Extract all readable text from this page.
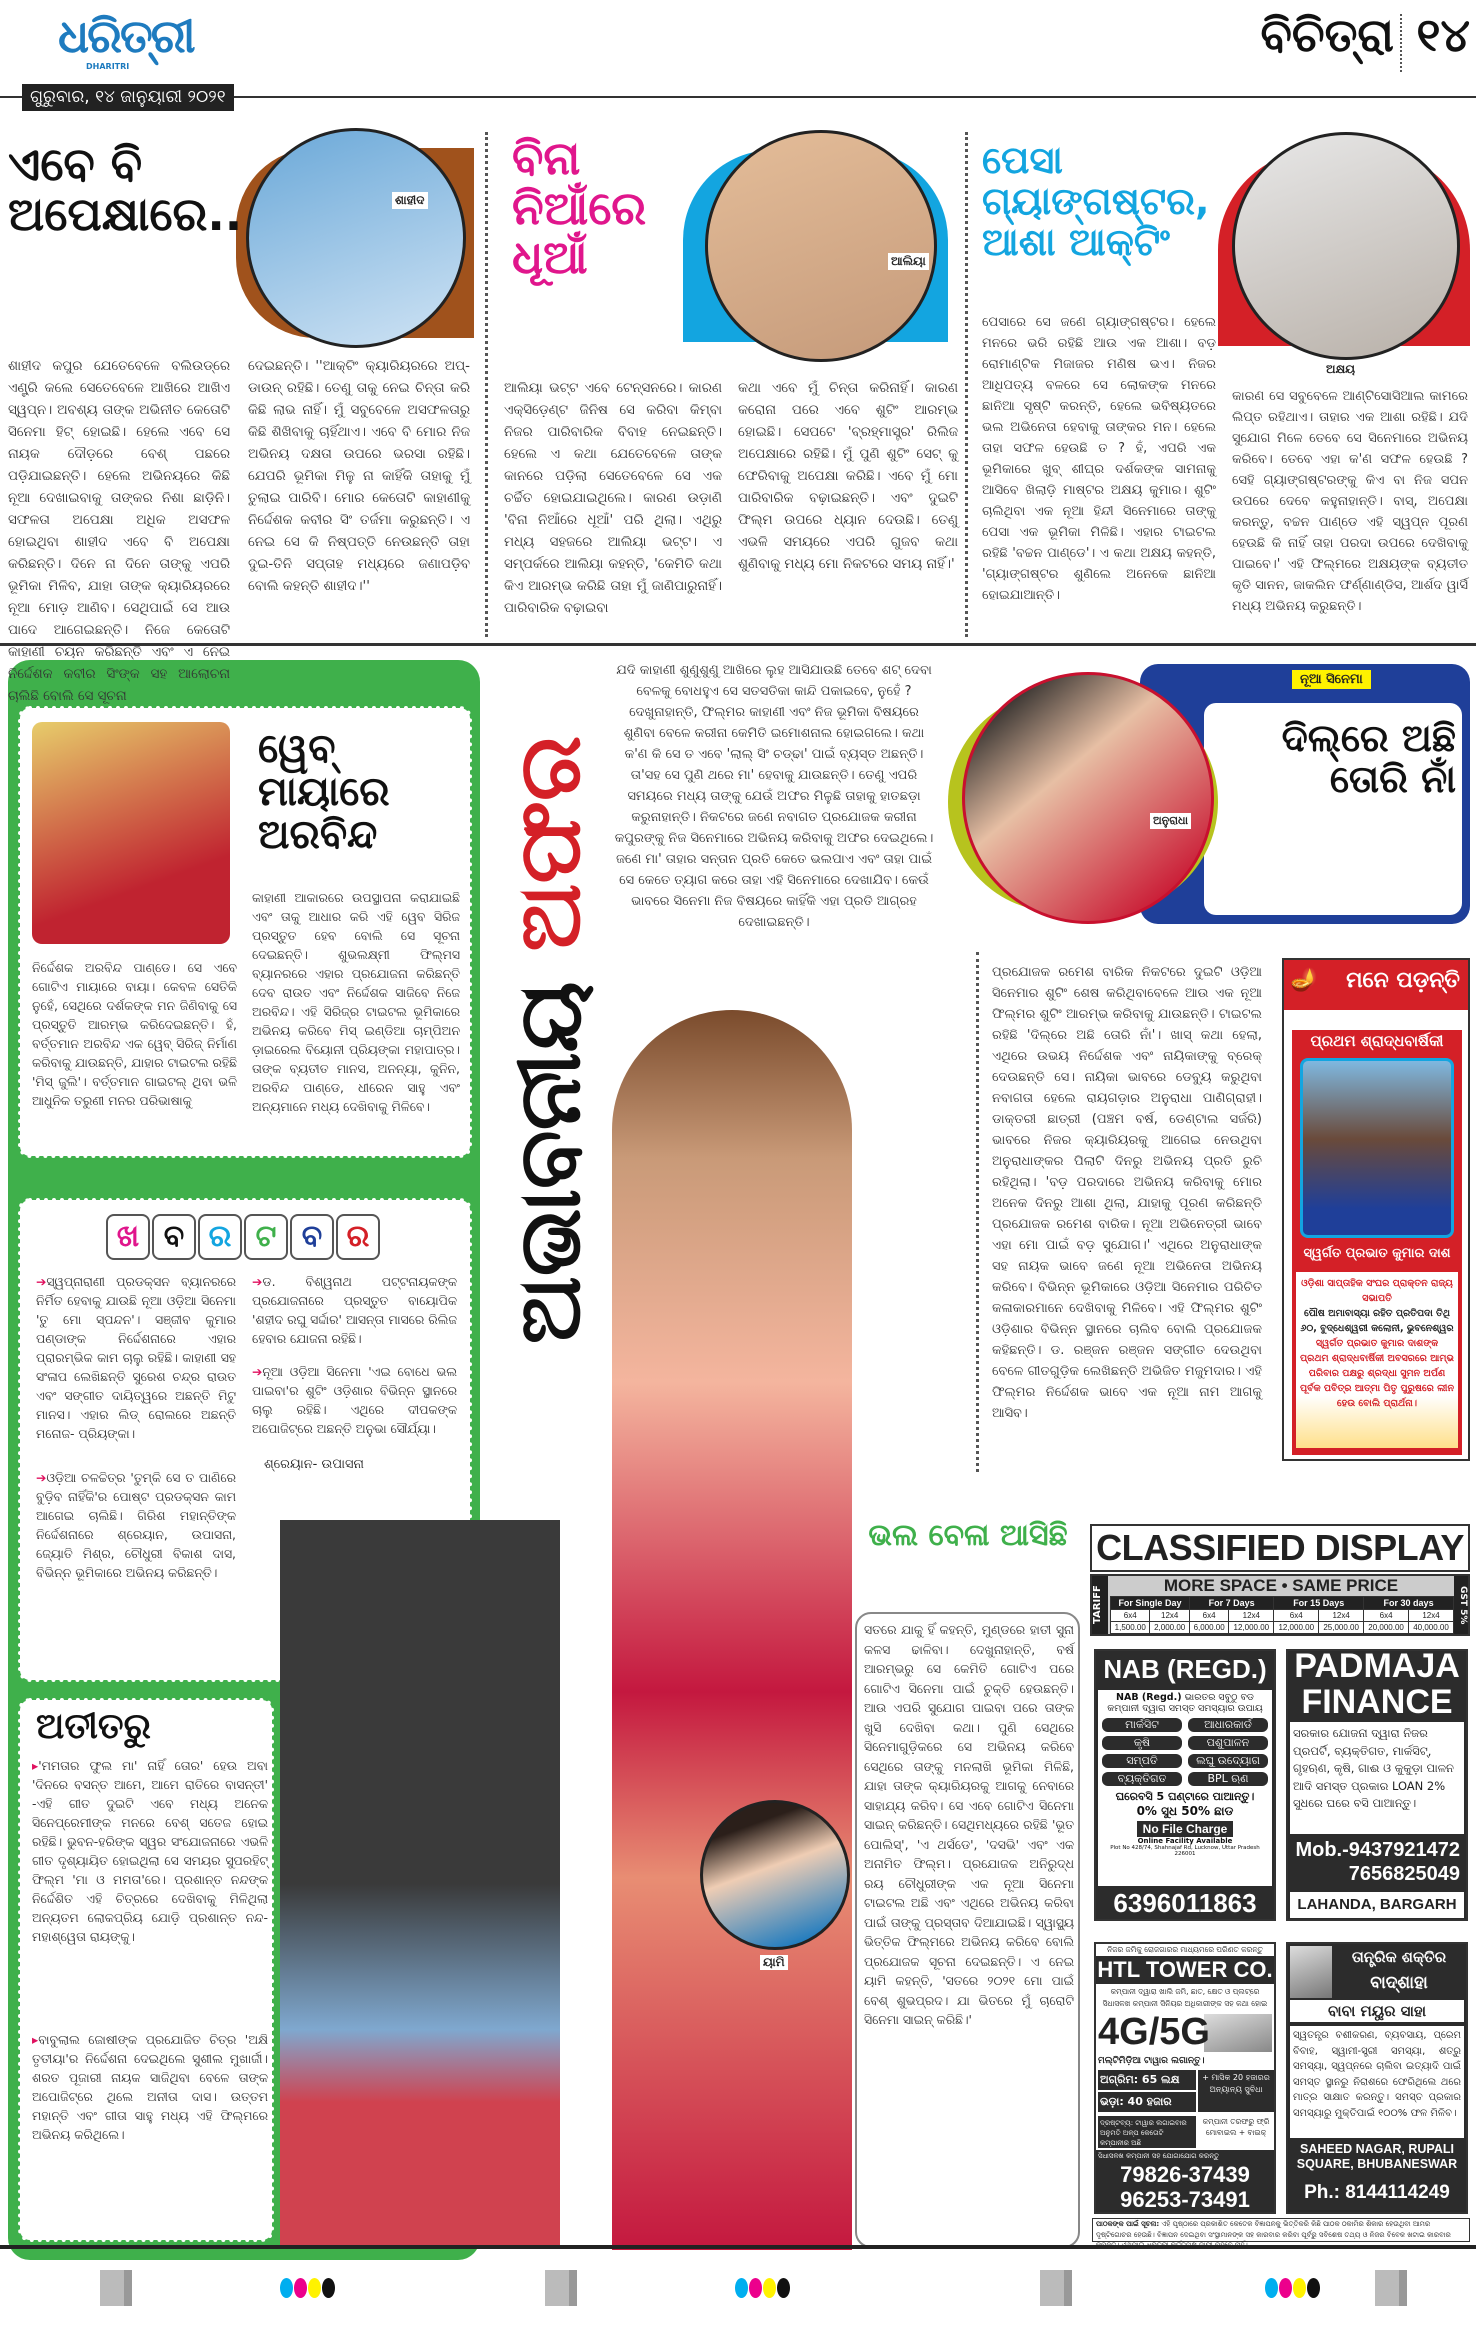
ଧରିତ୍ରୀ
DHARITRI
ଗୁରୁବାର, ୧୪ ଜାନୁୟାରୀ ୨୦୨୧
ବିଚିତ୍ରା ୧୪
ଶାହୀଦ
ଏବେ ବି ଅପେକ୍ଷାରେ..
ଶାହୀଦ କପୁର ଯେତେବେଳେ ବଲିଉଡ୍‌ରେ ଏଣ୍ଟ୍ରି କଲେ ସେତେବେଳେ ଆଖିରେ ଆଖିଏ ସ୍ୱପ୍ନ। ଅବଶ୍ୟ ତାଙ୍କ ଅଭିନୀତ କେତୋଟି ସିନେମା ହିଟ୍ ହୋଇଛି। ହେଲେ ଏବେ ସେ ନାୟକ ଦୌଡ଼ରେ ବେଶ୍ ପଛରେ ପଡ଼ିଯାଇଛନ୍ତି। ହେଲେ ଅଭିନୟରେ କିଛି ନୂଆ ଦେଖାଇବାକୁ ତାଙ୍କର ନିଶା ଛାଡ଼ିନି। ସଫଳତା ଅପେକ୍ଷା ଅଧିକ ଅସଫଳ ହୋଇଥିବା ଶାହୀଦ ଏବେ ବି ଅପେକ୍ଷା କରିଛନ୍ତି। ଦିନେ ନା ଦିନେ ତାଙ୍କୁ ଏପରି ଭୂମିକା ମିଳିବ, ଯାହା ତାଙ୍କ କ୍ୟାରିୟରରେ ନୂଆ ମୋଡ଼ ଆଣିବ। ସେଥିପାଇଁ ସେ ଆଉ ପାଦେ ଆଗେଇଛନ୍ତି। ନିଜେ କେତୋଟି କାହାଣୀ ଚୟନ କରିଛନ୍ତି ଏବଂ ଏ ନେଇ ନିର୍ଦ୍ଦେଶକ କବୀର ସିଂଙ୍କ ସହ ଆଲୋଚନା ଚାଲିଛି ବୋଲି ସେ ସୂଚନା
ଦେଇଛନ୍ତି। ''ଆକ୍ଟିଂ କ୍ୟାରିୟରରେ ଅପ୍-ଡାଉନ୍ ରହିଛି। ତେଣୁ ତାକୁ ନେଇ ଚିନ୍ତା କରି କିଛି ଲାଭ ନାହିଁ। ମୁଁ ସବୁବେଳେ ଅସଫଳତାରୁ କିଛି ଶିଖିବାକୁ ଚାହିଁଥାଏ। ଏବେ ବି ମୋର ନିଜ ଅଭିନୟ ଦକ୍ଷତା ଉପରେ ଭରସା ରହିଛି। ଯେପରି ଭୂମିକା ମିଳୁ ନା କାହିଁକି ତାହାକୁ ମୁଁ ତୁଲାଇ ପାରିବି। ମୋର କେତୋଟି କାହାଣୀକୁ ନିର୍ଦ୍ଦେଶକ କବୀର ସିଂ ତର୍ଜମା କରୁଛନ୍ତି। ଏ ନେଇ ସେ କି ନିଷ୍ପତ୍ତି ନେଉଛନ୍ତି ତାହା ଦୁଇ-ତିନି ସପ୍ତାହ ମଧ୍ୟରେ ଜଣାପଡ଼ିବ ବୋଲି କହନ୍ତି ଶାହୀଦ।''
ବିନା ନିଆଁରେ ଧୂଆଁ	ଆଲିୟା
ଆଲିୟା ଭଟ୍ଟ ଏବେ ଟେନ୍‌ସନରେ। କାରଣ ଏକ୍ସିଡ଼େଣ୍ଟ ଜିନିଷ ସେ କରିବା କିମ୍ବା ନିଜର ପାରିବାରିକ ବିବାହ ନେଇଛନ୍ତି। ହେଲେ ଏ କଥା ଯେତେବେଳେ ତାଙ୍କ କାନରେ ପଡ଼ିଲା ସେତେବେଳେ ସେ ଏକ ଚର୍ଚ୍ଚିତ ହୋଇଯାଇଥିଲେ। କାରଣ ଉଡ଼ାଣି 'ବିନା ନିଆଁରେ ଧୂଆଁ' ପରି ଥିଲା। ଏଥିରୁ ମଧ୍ୟ ସହଜରେ ଆଲିୟା ଭଟ୍ଟ। ଏ ସମ୍ପର୍କରେ ଆଲିୟା କହନ୍ତି, 'କେମିତି କଥା କିଏ ଆରମ୍ଭ କରିଛି ତାହା ମୁଁ ଜାଣିପାରୁନାହିଁ। ପାରିବାରିକ ବଢ଼ାଇବା
କଥା ଏବେ ମୁଁ ଚିନ୍ତା କରିନାହିଁ। କାରଣ କରୋନା ପରେ ଏବେ ଶୁଟିଂ ଆରମ୍ଭ ହୋଇଛି। ସେପଟେ 'ବ୍ରହ୍ମାସ୍ତ୍ର' ରିଲିଜ ଅପେକ୍ଷାରେ ରହିଛି। ମୁଁ ପୁଣି ଶୁଟିଂ ସେଟ୍ କୁ ଫେରିବାକୁ ଅପେକ୍ଷା କରିଛି। ଏବେ ମୁଁ ମୋ ପାରିବାରିକ ବଢ଼ାଇଛନ୍ତି। ଏବଂ ଦୁଇଟି ଫିଲ୍ମ ଉପରେ ଧ୍ୟାନ ଦେଉଛି। ତେଣୁ ଏଭଳି ସମୟରେ ଏପରି ଗୁଜବ କଥା ଶୁଣିବାକୁ ମଧ୍ୟ ମୋ ନିକଟରେ ସମୟ ନାହିଁ।'
ଅକ୍ଷୟ
ପେସା ଗ୍ୟାଙ୍ଗଷ୍ଟର, ଆଶା ଆକ୍ଟିଂ
ପେସାରେ ସେ ଜଣେ ଗ୍ୟାଙ୍ଗଷ୍ଟର। ହେଲେ ମନରେ ଭରି ରହିଛି ଆଉ ଏକ ଆଶା। ବଡ଼ ରୋମାଣ୍ଟିକ ମିଜାଜର ମଣିଷ ଭଏ। ନିଜର ଆଧିପତ୍ୟ ବଳରେ ସେ ଲୋକଙ୍କ ମନରେ ଛାନିଆ ସୃଷ୍ଟି କରନ୍ତି, ହେଲେ ଭବିଷ୍ୟତରେ ଭଲ ଅଭିନେତା ହେବାକୁ ତାଙ୍କର ମନ। ହେଲେ ତାହା ସଫଳ ହେଉଛି ତ ? ହଁ, ଏପରି ଏକ ଭୂମିକାରେ ଖୁବ୍ ଶୀଘ୍ର ଦର୍ଶକଙ୍କ ସାମନାକୁ ଆସିବେ ଖିଲାଡ଼ି ମାଷ୍ଟର ଅକ୍ଷୟ କୁମାର। ଶୁଟିଂ ଚାଲିଥିବା ଏକ ନୂଆ ହିନ୍ଦୀ ସିନେମାରେ ତାଙ୍କୁ ପେସା ଏକ ଭୂମିକା ମିଳିଛି। ଏହାର ଟାଇଟଲ ରହିଛି 'ବଚ୍ଚନ ପାଣ୍ଡେ'। ଏ କଥା ଅକ୍ଷୟ କହନ୍ତି, 'ଗ୍ୟାଙ୍ଗଷ୍ଟର ଶୁଣିଲେ ଅନେକେ ଛାନିଆ ହୋଇଯାଆନ୍ତି।
କାରଣ ସେ ସବୁବେଳେ ଆଣ୍ଟିସୋସିଆଲ କାମରେ ଲିପ୍ତ ରହିଥାଏ। ତାହାର ଏକ ଆଶା ରହିଛି। ଯଦି ସୁଯୋଗ ମିଳେ ତେବେ ସେ ସିନେମାରେ ଅଭିନୟ କରିବେ। ତେବେ ଏହା କ'ଣ ସଫଳ ହେଉଛି ? ସେହି ଗ୍ୟାଙ୍ଗଷ୍ଟରଙ୍କୁ କିଏ ବା ନିଜ ସପନ ଉପରେ ଦେବେ କହୁନାହାନ୍ତି। ବାସ୍, ଅପେକ୍ଷା କରନ୍ତୁ, ବଚ୍ଚନ ପାଣ୍ଡେ ଏହି ସ୍ୱପ୍ନ ପୂରଣ ହେଉଛି କି ନାହିଁ ତାହା ପରଦା ଉପରେ ଦେଖିବାକୁ ପାଇବେ।' ଏହି ଫିଲ୍ମରେ ଅକ୍ଷୟଙ୍କ ବ୍ୟତୀତ କୃତି ସାନନ, ଜାକଲିନ ଫର୍ଣ୍ଣାଣ୍ଡିସ, ଆର୍ଶଦ ୱାର୍ସି ମଧ୍ୟ ଅଭିନୟ କରୁଛନ୍ତି।
ୱେବ୍ ମାୟାରେ ଅରବିନ୍ଦ
ନିର୍ଦ୍ଦେଶକ ଅରବିନ୍ଦ ପାଣ୍ଡେ। ସେ ଏବେ ଗୋଟିଏ ମାୟାରେ ବାୟା। କେବଳ ସେତିକି ନୁହେଁ, ସେଥିରେ ଦର୍ଶକଙ୍କ ମନ ଜିଣିବାକୁ ସେ ପ୍ରସ୍ତୁତି ଆରମ୍ଭ କରିଦେଇଛନ୍ତି। ହଁ, ବର୍ତ୍ତମାନ ଅରବିନ୍ଦ ଏକ ୱେବ୍ ସିରିଜ୍ ନିର୍ମାଣ କରିବାକୁ ଯାଉଛନ୍ତି, ଯାହାର ଟାଇଟଲ ରହିଛି 'ମିସ୍ ଜୁଲି'। ବର୍ତ୍ତମାନ ଗାଇଟଲ୍ ଥିବା ଭଳି ଆଧୁନିକ ତରୁଣୀ ମନର ପରିଭାଷାକୁ
କାହାଣୀ ଆକାରରେ ଉପସ୍ଥାପନା କରାଯାଇଛି ଏବଂ ତାକୁ ଆଧାର କରି ଏହି ୱେବ ସିରିଜ ପ୍ରସ୍ତୁତ ହେବ ବୋଲି ସେ ସୂଚନା ଦେଇଛନ୍ତି। ଶୁଭଲକ୍ଷ୍ମୀ ଫିଲ୍ମସ ବ୍ୟାନରରେ ଏହାର ପ୍ରଯୋଜନା କରିଛନ୍ତି ଦେବ ରାଉତ ଏବଂ ନିର୍ଦ୍ଦେଶକ ସାଜିବେ ନିଜେ ଅରବିନ୍ଦ। ଏହି ସିରିଜ୍‌ର ଟାଇଟଲ ଭୂମିକାରେ ଅଭିନୟ କରିବେ ମିସ୍ ଇଣ୍ଡିଆ ଚାମ୍ପିଅନ ଡ଼ାଇରେଲ ବିୟୋନୀ ପ୍ରିୟଙ୍କା ମହାପାତ୍ର। ତାଙ୍କ ବ୍ୟତୀତ ମାନସ, ଅନନ୍ୟା, କୁନିନ, ଅରବିନ୍ଦ ପାଣ୍ଡେ, ଧୀରେନ ସାହୁ ଏବଂ ଅନ୍ୟମାନେ ମଧ୍ୟ ଦେଖିବାକୁ ମିଳିବେ।
ଖ ବ ର ଟ ବ ର
➔ସ୍ୱପ୍ନାରାଣୀ ପ୍ରଡକ୍ସନ ବ୍ୟାନରରେ ନିର୍ମିତ ହେବାକୁ ଯାଉଛି ନୂଆ ଓଡ଼ିଆ ସିନେମା 'ତୁ ମୋ ସ୍ପନ୍ଦନ'। ସଞ୍ଜୀବ କୁମାର ପଣ୍ଡାଙ୍କ ନିର୍ଦ୍ଦେଶନାରେ ଏହାର ପ୍ରାରମ୍ଭିକ କାମ ଚାଲୁ ରହିଛି। କାହାଣୀ ସହ ସଂଳାପ ଲେଖିଛନ୍ତି ସୁରେଶ ଚନ୍ଦ୍ର ରାଉତ ଏବଂ ସଙ୍ଗୀତ ଦାୟିତ୍ୱରେ ଅଛନ୍ତି ମିଟୁ ମାନସ। ଏହାର ଲିଡ୍ ରୋଲରେ ଅଛନ୍ତି ମନୋଜ- ପ୍ରିୟଙ୍କା।
➔ଓଡ଼ିଆ ଚଳଚ୍ଚିତ୍ର 'ତୁମ୍‌କି ସେ ତ ପାଣିରେ ବୁଡ଼ିବ ନାହିଁକି'ର ପୋଷ୍ଟ ପ୍ରଡକ୍ସନ କାମ ଆଗେଇ ଚାଲିଛି। ଗିରିଶ ମହାନ୍ତିଙ୍କ ନିର୍ଦ୍ଦେଶନାରେ ଶ୍ରେୟାନ, ଉପାସନା, ଜ୍ୟୋତି ମିଶ୍ର, ଚୌଧୁରୀ ବିକାଶ ଦାସ, ବିଭିନ୍ନ ଭୂମିକାରେ ଅଭିନୟ କରିଛନ୍ତି।
➔ଡ. ବିଶ୍ୱନାଥ ପଟ୍ଟନାୟକଙ୍କ ପ୍ରଯୋଜନାରେ ପ୍ରସ୍ତୁତ ବାୟୋପିକ 'ଶହୀଦ ରଘୁ ସର୍ଦ୍ଦାର' ଆସନ୍ତା ମାସରେ ରିଲିଜ ହେବାର ଯୋଜନା ରହିଛି।
➔ନୂଆ ଓଡ଼ିଆ ସିନେମା 'ଏଇ ବୋଧେ ଭଲ ପାଇବା'ର ଶୁଟିଂ ଓଡ଼ିଶାର ବିଭିନ୍ନ ସ୍ଥାନରେ ଚାଲୁ ରହିଛି। ଏଥିରେ ଦୀପକଙ୍କ ଅପୋଜିଟ୍‌ରେ ଅଛନ୍ତି ଅନୁଭା ସୌର୍ଯ୍ୟା।
ଶ୍ରେୟାନ- ଉପାସନା
ଅତୀତରୁ
▸'ମମତାର ଫୁଲ ମା' ନାହିଁ ତୋର' ହେଉ ଅବା 'ଦିନରେ ବସନ୍ତ ଆମେ, ଆମେ ରାତିରେ ବାସନ୍ତୀ' -ଏହି ଗୀତ ଦୁଇଟି ଏବେ ମଧ୍ୟ ଅନେକ ସିନେପ୍ରେମୀଙ୍କ ମନରେ ବେଶ୍ ସତେଜ ହୋଇ ରହିଛି। ଭୁବନ-ହରିଙ୍କ ସ୍ୱର ସଂଯୋଜନାରେ ଏଭଳି ଗୀତ ଦୃଶ୍ୟାୟିତ ହୋଇଥିଲା ସେ ସମୟର ସୁପରହିଟ୍ ଫିଲ୍ମ 'ମା ଓ ମମତା'ରେ। ପ୍ରଶାନ୍ତ ନନ୍ଦଙ୍କ ନିର୍ଦ୍ଦେଶିତ ଏହି ଚିତ୍ରରେ ଦେଖିବାକୁ ମିଳିଥିଲା ଅନ୍ୟତମ ଲୋକପ୍ରିୟ ଯୋଡ଼ି ପ୍ରଶାନ୍ତ ନନ୍ଦ-ମହାଶ୍ୱେତା ରାୟଙ୍କୁ।
▸ବାବୁଲାଲ ଜୋଷୀଙ୍କ ପ୍ରଯୋଜିତ ଚିତ୍ର 'ଅକ୍ଷି ତୃତୀୟା'ର ନିର୍ଦ୍ଦେଶନା ଦେଇଥିଲେ ସୁଶୀଲ ମୁଖାର୍ଜୀ। ଶରତ ପୂଜାରୀ ନାୟକ ସାଜିଥିବା ବେଳେ ତାଙ୍କ ଅପୋଜିଟ୍‌ରେ ଥିଲେ ଅନୀତା ଦାସ। ଉତ୍ତମ ମହାନ୍ତି ଏବଂ ଗୀତା ସାହୁ ମଧ୍ୟ ଏହି ଫିଲ୍ମରେ ଅଭିନୟ କରିଥିଲେ।
ଅଭାବନୀୟ ଅଫର
ଯଦି କାହାଣୀ ଶୁଣୁଶୁଣୁ ଆଖିରେ ଲୁହ ଆସିଯାଉଛି ତେବେ ଶଟ୍ ଦେବା ବେଳକୁ ବୋଧହୁଏ ସେ ସତସତିକା କାନ୍ଦି ପକାଇବେ, ନୁହେଁ ? ଦେଖୁନାହାନ୍ତି, ଫିଲ୍ମର କାହାଣୀ ଏବଂ ନିଜ ଭୂମିକା ବିଷୟରେ ଶୁଣିବା ବେଳେ କରୀନା କେମିତି ଇମୋଶନାଲ ହୋଇଗଲେ। କଥା କ'ଣ କି ସେ ତ ଏବେ 'ଲାଲ୍ ସିଂ ଚଡ୍ଢା' ପାଇଁ ବ୍ୟସ୍ତ ଅଛନ୍ତି। ତା'ସହ ସେ ପୁଣି ଥରେ ମା' ହେବାକୁ ଯାଉଛନ୍ତି। ତେଣୁ ଏପରି ସମୟରେ ମଧ୍ୟ ତାଙ୍କୁ ଯେଉଁ ଅଫର ମିଳୁଛି ତାହାକୁ ହାତଛଡ଼ା କରୁନାହାନ୍ତି। ନିକଟରେ ଜଣେ ନବାଗତ ପ୍ରଯୋଜକ କରୀନା କପୁରଙ୍କୁ ନିଜ ସିନେମାରେ ଅଭିନୟ କରିବାକୁ ଅଫର ଦେଇଥିଲେ। ଜଣେ ମା' ତାହାର ସନ୍ତାନ ପ୍ରତି କେତେ ଭଲପାଏ ଏବଂ ତାହା ପାଇଁ ସେ କେତେ ତ୍ୟାଗ କରେ ତାହା ଏହି ସିନେମାରେ ଦେଖାଯିବ। କେଉଁ ଭାବରେ ସିନେମା ନିଜ ବିଷୟରେ କାହିଁକି ଏହା ପ୍ରତି ଆଗ୍ରହ ଦେଖାଇଛନ୍ତି।
ନୂଆ ସିନେମା
ଦିଲ୍‌ରେ ଅଛି ତୋରି ନାଁ
ଅନୁରାଧା
ପ୍ରଯୋଜକ ରମେଶ ବାରିକ ନିକଟରେ ଦୁଇଟି ଓଡ଼ିଆ ସିନେମାର ଶୁଟିଂ ଶେଷ କରିଥିବାବେଳେ ଆଉ ଏକ ନୂଆ ଫିଲ୍ମର ଶୁଟିଂ ଆରମ୍ଭ କରିବାକୁ ଯାଉଛନ୍ତି। ଟାଇଟଲ ରହିଛି 'ଦିଲ୍‌ରେ ଅଛି ତୋରି ନାଁ'। ଖାସ୍ କଥା ହେଲା, ଏଥିରେ ଉଭୟ ନିର୍ଦ୍ଦେଶକ ଏବଂ ନାୟିକାଙ୍କୁ ବ୍ରେକ୍ ଦେଉଛନ୍ତି ସେ। ନାୟିକା ଭାବରେ ଡେବ୍ୟୁ କରୁଥିବା ନବାଗତା ହେଲେ ରାୟଗଡ଼ାର ଅନୁରାଧା ପାଣିଗ୍ରାହୀ। ଡାକ୍ତରୀ ଛାତ୍ରୀ (ପଞ୍ଚମ ବର୍ଷ, ଡେଣ୍ଟାଲ ସର୍ଜରି) ଭାବରେ ନିଜର କ୍ୟାରିୟରକୁ ଆଗେଇ ନେଉଥିବା ଅନୁରାଧାଙ୍କର ପିଲାଟି ଦିନରୁ ଅଭିନୟ ପ୍ରତି ରୁଚି ରହିଥିଲା। 'ବଡ଼ ପରଦାରେ ଅଭିନୟ କରିବାକୁ ମୋର ଅନେକ ଦିନରୁ ଆଶା ଥିଲା, ଯାହାକୁ ପୂରଣ କରିଛନ୍ତି ପ୍ରଯୋଜକ ରମେଶ ବାରିକ। ନୂଆ ଅଭିନେତ୍ରୀ ଭାବେ ଏହା ମୋ ପାଇଁ ବଡ଼ ସୁଯୋଗ।' ଏଥିରେ ଅନୁରାଧାଙ୍କ ସହ ନାୟକ ଭାବେ ଜଣେ ନୂଆ ଅଭିନେତା ଅଭିନୟ କରିବେ। ବିଭିନ୍ନ ଭୂମିକାରେ ଓଡ଼ିଆ ସିନେମାର ପରିଚିତ କଳାକାରମାନେ ଦେଖିବାକୁ ମିଳିବେ। ଏହି ଫିଲ୍ମର ଶୁଟିଂ ଓଡ଼ିଶାର ବିଭିନ୍ନ ସ୍ଥାନରେ ଚାଲିବ ବୋଲି ପ୍ରଯୋଜକ କହିଛନ୍ତି। ଡ. ରଞ୍ଜନ ରଞ୍ଜନ ସଙ୍ଗୀତ ଦେଉଥିବା ବେଳେ ଗୀତଗୁଡ଼ିକ ଲେଖିଛନ୍ତି ଅଭିଜିତ ମଜୁମଦାର। ଏହି ଫିଲ୍ମର ନିର୍ଦ୍ଦେଶକ ଭାବେ ଏକ ନୂଆ ନାମ ଆଗକୁ ଆସିବ।
ମନେ ପଡ଼ନ୍ତି
🪔
ପ୍ରଥମ ଶ୍ରାଦ୍ଧବାର୍ଷିକୀ
ସ୍ୱର୍ଗତ ପ୍ରଭାତ କୁମାର ଦାଶ
ଓଡ଼ିଶା ସାପ୍ତାହିକ ସଂଘର ପ୍ରାକ୍ତନ ରାଜ୍ୟ ସଭାପତି
ପୌଷ ଅମାବାସ୍ୟା ରହିତ ପ୍ରତିପଦା ତିଥି
୬୦, ବୁଦ୍ଧେଶ୍ୱରୀ କଲୋନୀ, ଭୁବନେଶ୍ୱର
ସ୍ୱର୍ଗତ ପ୍ରଭାତ କୁମାର ଦାଶଙ୍କ ପ୍ରଥମ ଶ୍ରାଦ୍ଧବାର୍ଷିକୀ ଅବସରରେ ଆମ୍ଭ ପରିବାର ପକ୍ଷରୁ ଶ୍ରଦ୍ଧା ସୁମନ ଅର୍ପଣ ପୂର୍ବକ ପବିତ୍ର ଆତ୍ମା ପିତୃ ପୁରୁଷରେ ଲୀନ ହେଉ ବୋଲି ପ୍ରାର୍ଥନା।
ଭଲ ବେଳା ଆସିଛି
ୟାମି
ସତରେ ଯାକୁ ହିଁ କହନ୍ତି, ମୁଣ୍ଡରେ ହାତୀ ସୁନା କଳସ ଢାଳିବା। ଦେଖୁନାହାନ୍ତି, ବର୍ଷ ଆରମ୍ଭରୁ ସେ କେମିତି ଗୋଟିଏ ପରେ ଗୋଟିଏ ସିନେମା ପାଇଁ ଚୁକ୍ତି ହେଉଛନ୍ତି। ଆଉ ଏପରି ସୁଯୋଗ ପାଇବା ପରେ ତାଙ୍କ ଖୁସି ଦେଖିବା କଥା। ପୁଣି ସେଥିରେ ସିନେମାଗୁଡ଼ିକରେ ସେ ଅଭିନୟ କରିବେ ସେଥିରେ ତାଙ୍କୁ ମନଲାଖି ଭୂମିକା ମିଳିଛି, ଯାହା ତାଙ୍କ କ୍ୟାରିୟରକୁ ଆଗକୁ ନେବାରେ ସାହାଯ୍ୟ କରିବ। ସେ ଏବେ ଗୋଟିଏ ସିନେମା ସାଇନ୍ କରିଛନ୍ତି। ସେଥିମଧ୍ୟରେ ରହିଛି 'ଭୂତ ପୋଲିସ୍', 'ଏ ଥର୍ସଡେ', 'ଦସଭି' ଏବଂ ଏକ ଅନାମିତ ଫିଲ୍ମ। ପ୍ରଯୋଜକ ଅନିରୁଦ୍ଧ ରୟ ଚୌଧୁରୀଙ୍କ ଏକ ନୂଆ ସିନେମା ଟାଇଟଲ ଅଛି ଏବଂ ଏଥିରେ ଅଭିନୟ କରିବା ପାଇଁ ତାଙ୍କୁ ପ୍ରସ୍ତାବ ଦିଆଯାଇଛି। ସ୍ୱାସ୍ଥ୍ୟ ଭିତ୍ତିକ ଫିଲ୍ମରେ ଅଭିନୟ କରିବେ ବୋଲି ପ୍ରଯୋଜକ ସୂଚନା ଦେଇଛନ୍ତି। ଏ ନେଇ ୟାମି କହନ୍ତି, 'ସତରେ ୨୦୨୧ ମୋ ପାଇଁ ବେଶ୍ ଶୁଭପ୍ରଦ। ଯା ଭିତରେ ମୁଁ ଚାରୋଟି ସିନେମା ସାଇନ୍ କରିଛି।'
CLASSIFIED DISPLAY
TARIFF	GST 5%
MORE SPACE • SAME PRICE
For Single Day		For 7 Days		For 15 Days		For 30 days	
6x4	12x4	6x4	12x4	6x4	12x4	6x4	12x4
1,500.00	2,000.00	6,000.00	12,000.00	12,000.00	25,000.00	20,000.00	40,000.00
NAB (REGD.)
NAB (Regd.) ଭାରତର ସବୁଠୁ ବଡ କମ୍ପାନୀ ଦ୍ୱାରା ସମସ୍ତ ସମସ୍ୟାର ଉପାୟ
ମାର୍କସିଟ	ଆଧାରକାର୍ଡ
କୃଷି	ପଶୁପାଳନ
ସମ୍ପତି	ଲଘୁ ଉଦ୍ୟୋଗ
ବ୍ୟକ୍ତିଗତ	BPL ଋଣ
ଘରେବସି 5 ଘଣ୍ଟାରେ ପାଆନ୍ତୁ।
0% ସୁଧ 50% ଛାଡ
No File Charge
Online Facility Available
Plot No 428/74, Shahnajaf Rd, Lucknow, Uttar Pradesh 226001
6396011863
PADMAJA
FINANCE
ସରକାର ଯୋଜନା ଦ୍ୱାରା ନିଜର ପ୍ରପର୍ଟି, ବ୍ୟକ୍ତିଗତ, ମାର୍କସିଟ୍, ଗୃହଋଣ, କୃଷି, ଗାଈ ଓ କୁକୁଡ଼ା ପାଳନ ଆଦି ସମସ୍ତ ପ୍ରକାର LOAN 2% ସୁଧରେ ଘରେ ବସି ପାଆନ୍ତୁ।
Mob.-9437921472
7656825049
LAHANDA, BARGARH
ନିଜର ଜମିକୁ ରୋଜଗାରର ମାଧ୍ୟମରେ ପରିଣତ କରନ୍ତୁ
HTL TOWER CO.
କମ୍ପାନୀ ଦ୍ୱାରା ଖାଲି ଜମି, ଛାତ, କ୍ଷେତ ଓ ପ୍ଲଟ୍‌ରେ
ସିଧାସଳଖ କମ୍ପାନୀ ସିନିୟର ଅଧିକାରୀଙ୍କ ସହ କଥା ହୋଇ
4G/5G
ମଲ୍ଟିମିଡ଼ିଆ ଟାୱାର ଲଗାନ୍ତୁ।
ଅଗ୍ରିମ: 65 ଲକ୍ଷ
ଭଡ଼ା: 40 ହଜାର
+ ମାସିକ 20 ହଜାରର ଅନ୍ୟାନ୍ୟ ସୁବିଧା
ଦ୍ରଷ୍ଟବ୍ୟ: ଟାୱାର ଲଗାଇବାର ଅନୁମତି ଅଳ୍ପ କେତୋଟି କମ୍ପାନୀର ଅଛି
କମ୍ପାନୀ ତରଫରୁ ଫ୍ରି ମୋବାଇଲ + ବାଇକ୍
ସିଧାସଳଖ କମ୍ପାନୀ ସହ ଯୋଗାଯୋଗ କରନ୍ତୁ
79826-37439
96253-73491
ତାନ୍ତ୍ରିକ ଶକ୍ତିର
ବାଦ୍‌ଶାହା
ବାବା ମୟୁର ସାହା
ସ୍ୱତନ୍ତ୍ର ବଶୀକରଣ, ବ୍ୟବସାୟ, ପ୍ରେମ ବିବାହ, ସ୍ୱାମୀ-ସ୍ତ୍ରୀ ସମସ୍ୟା, ଶତ୍ରୁ ସମସ୍ୟା, ସ୍ୱପ୍ନରେ ଚାଲିବା ଇତ୍ୟାଦି ପାଇଁ ସମସ୍ତ ସ୍ଥାନରୁ ନିରାଶରେ ଫେରିଥିଲେ ଥରେ ମାତ୍ର ସାକ୍ଷାତ କରନ୍ତୁ। ସମସ୍ତ ପ୍ରକାର ସମସ୍ୟାରୁ ମୁକ୍ତିପାଇଁ ୧୦୦% ଫଳ ମିଳିବ।
SAHEED NAGAR, RUPALI SQUARE, BHUBANESWAR
Ph.: 8144114249
ପାଠକଙ୍କ ପାଇଁ ସୂଚନା: ଏହି ପୃଷ୍ଠାରେ ପ୍ରକାଶିତ କେତେକ ବିଜ୍ଞାପନକୁ ଭିତ୍ତିକରି କିଛି ପାଠକ ଠକାମିର ଶିକାର ହେଉଥିବା ଆମର ଦୃଷ୍ଟିଗୋଚର ହେଉଛି। ବିଜ୍ଞାପନ ଦେଇଥିବା ସଂସ୍ଥାମାନଙ୍କ ସହ କାରବାର କରିବା ପୂର୍ବରୁ ସବିଶେଷ ତଥ୍ୟ ଓ ନିଜର ବିବେକ ଖଟାଇ କାରବାର କରନ୍ତୁ। ଏଥିପାଇଁ ଧରିତ୍ରୀ କର୍ତ୍ତୃପକ୍ଷ ଦାୟୀ ରହିବେ ନାହିଁ।
